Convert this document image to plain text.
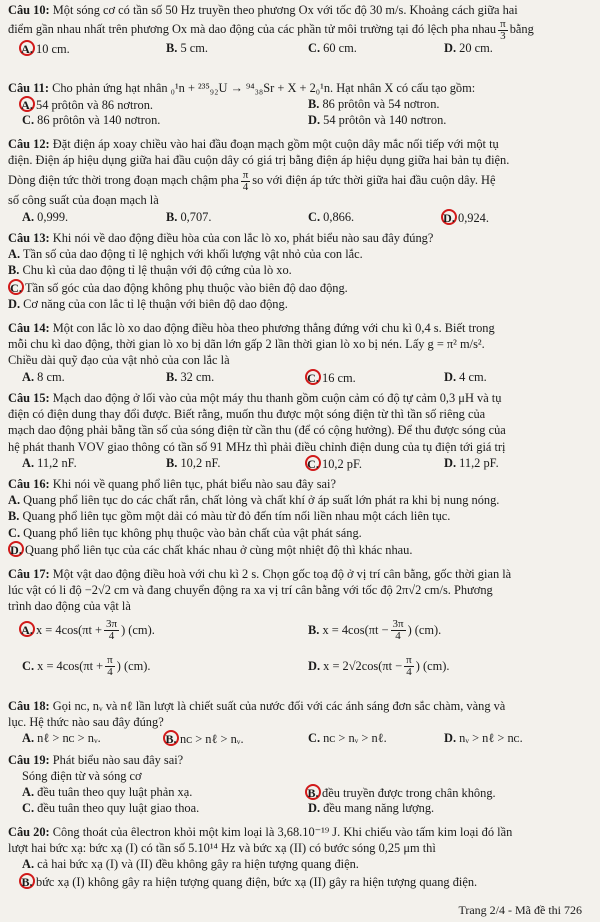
Câu 10: Một sóng cơ có tần số 50 Hz truyền theo phương Ox với tốc độ 30 m/s. Khoảng cách giữa hai
điểm gần nhau nhất trên phương Ox mà dao động của các phần tử môi trường tại đó lệch pha nhau $\frac{\pi}{3}$ bằng
A. 10 cm.	B. 5 cm.	C. 60 cm.	D. 20 cm.
Câu 11: Cho phản ứng hạt nhân ₀¹n + ²³⁵₉₂U → ⁹⁴₃₈Sr + X + 2₀¹n. Hạt nhân X có cấu tạo gồm:
A. 54 prôtôn và 86 nơtron.	B. 86 prôtôn và 54 nơtron.
C. 86 prôtôn và 140 nơtron.	D. 54 prôtôn và 140 nơtron.
Câu 12: Đặt điện áp xoay chiều vào hai đầu đoạn mạch gồm một cuộn dây mắc nối tiếp với một tụ
điện. Điện áp hiệu dụng giữa hai đầu cuộn dây có giá trị bằng điện áp hiệu dụng giữa hai bản tụ điện.
Dòng điện tức thời trong đoạn mạch chậm pha $\frac{\pi}{4}$ so với điện áp tức thời giữa hai đầu cuộn dây. Hệ
số công suất của đoạn mạch là
A. 0,999.	B. 0,707.	C. 0,866.	D. 0,924.
Câu 13: Khi nói về dao động điều hòa của con lắc lò xo, phát biểu nào sau đây đúng?
A. Tần số của dao động tỉ lệ nghịch với khối lượng vật nhỏ của con lắc.
B. Chu kì của dao động tỉ lệ thuận với độ cứng của lò xo.
C. Tần số góc của dao động không phụ thuộc vào biên độ dao động.
D. Cơ năng của con lắc tỉ lệ thuận với biên độ dao động.
Câu 14: Một con lắc lò xo dao động điều hòa theo phương thẳng đứng với chu kì 0,4 s. Biết trong
mỗi chu kì dao động, thời gian lò xo bị dãn lớn gấp 2 lần thời gian lò xo bị nén. Lấy g = π² m/s².
Chiều dài quỹ đạo của vật nhỏ của con lắc là
A. 8 cm.	B. 32 cm.	C. 16 cm.	D. 4 cm.
Câu 15: Mạch dao động ở lối vào của một máy thu thanh gồm cuộn cảm có độ tự cảm 0,3 μH và tụ
điện có điện dung thay đổi được. Biết rằng, muốn thu được một sóng điện từ thì tần số riêng của
mạch dao động phải bằng tần số của sóng điện từ cần thu (để có cộng hưởng). Để thu được sóng của
hệ phát thanh VOV giao thông có tần số 91 MHz thì phải điều chỉnh điện dung của tụ điện tới giá trị
A. 11,2 nF.	B. 10,2 nF.	C. 10,2 pF.	D. 11,2 pF.
Câu 16: Khi nói về quang phổ liên tục, phát biểu nào sau đây sai?
A. Quang phổ liên tục do các chất rắn, chất lỏng và chất khí ở áp suất lớn phát ra khi bị nung nóng.
B. Quang phổ liên tục gồm một dải có màu từ đỏ đến tím nối liền nhau một cách liên tục.
C. Quang phổ liên tục không phụ thuộc vào bản chất của vật phát sáng.
D. Quang phổ liên tục của các chất khác nhau ở cùng một nhiệt độ thì khác nhau.
Câu 17: Một vật dao động điều hoà với chu kì 2 s. Chọn gốc toạ độ ở vị trí cân bằng, gốc thời gian là
lúc vật có li độ −2√2 cm và đang chuyển động ra xa vị trí cân bằng với tốc độ 2π√2 cm/s. Phương
trình dao động của vật là
A. $x = 4\cos(\pi t + \frac{3\pi}{4}$ ) (cm).	B. $x = 4\cos(\pi t - \frac{3\pi}{4}$ ) (cm).
C. $x = 4\cos(\pi t + \frac{\pi}{4}$ ) (cm).	D. $x = 2√2\cos(\pi t - \frac{\pi}{4}$ ) (cm).
Câu 18: Gọi nᴄ, nᵥ và nℓ lần lượt là chiết suất của nước đối với các ánh sáng đơn sắc chàm, vàng và
lục. Hệ thức nào sau đây đúng?
A. nℓ > nᴄ > nᵥ.	B. nᴄ > nℓ > nᵥ.	C. nᴄ > nᵥ > nℓ.	D. nᵥ > nℓ > nᴄ.
Câu 19: Phát biểu nào sau đây sai?
Sóng điện từ và sóng cơ
A. đều tuân theo quy luật phản xạ.	B. đều truyền được trong chân không.
C. đều tuân theo quy luật giao thoa.	D. đều mang năng lượng.
Câu 20: Công thoát của êlectron khỏi một kim loại là 3,68.10⁻¹⁹ J. Khi chiếu vào tấm kim loại đó lần
lượt hai bức xạ: bức xạ (I) có tần số 5.10¹⁴ Hz và bức xạ (II) có bước sóng 0,25 μm thì
A. cả hai bức xạ (I) và (II) đều không gây ra hiện tượng quang điện.
B. bức xạ (I) không gây ra hiện tượng quang điện, bức xạ (II) gây ra hiện tượng quang điện.
Trang 2/4 - Mã đề thi 726
